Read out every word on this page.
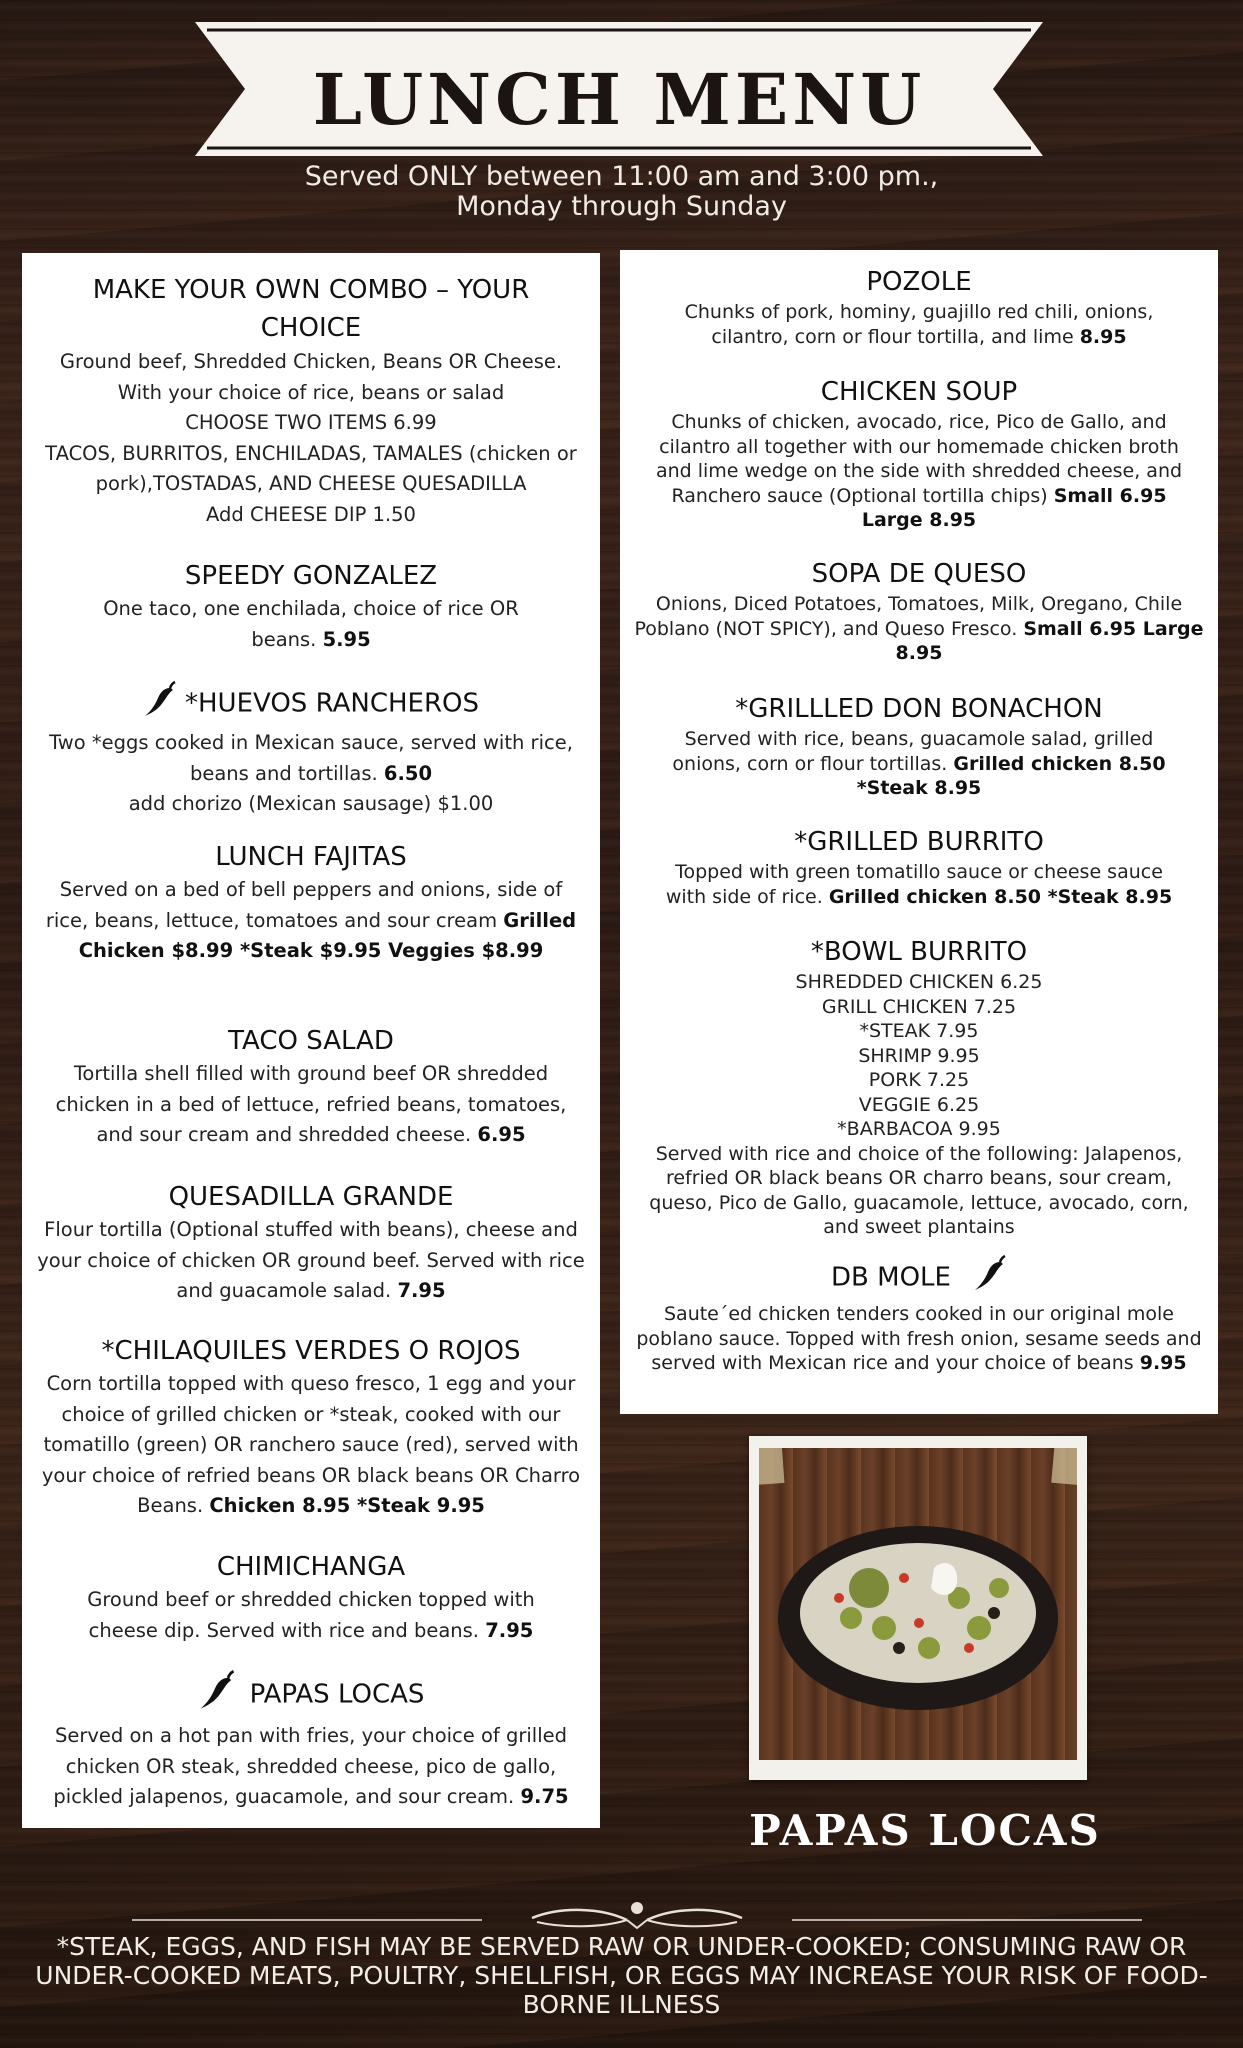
LUNCH MENU
Served ONLY between 11:00 am and 3:00 pm.,
Monday through Sunday
MAKE YOUR OWN COMBO – YOUR CHOICE

Ground beef, Shredded Chicken, Beans OR Cheese.

With your choice of rice, beans or salad

CHOOSE TWO ITEMS 6.99

TACOS, BURRITOS, ENCHILADAS, TAMALES (chicken or pork),TOSTADAS, AND CHEESE QUESADILLA

Add CHEESE DIP 1.50

SPEEDY GONZALEZ

One taco, one enchilada, choice of rice OR beans. 5.95

*HUEVOS RANCHEROS

Two *eggs cooked in Mexican sauce, served with rice, beans and tortillas. 6.50

add chorizo (Mexican sausage) $1.00

LUNCH FAJITAS

Served on a bed of bell peppers and onions, side of rice, beans, lettuce, tomatoes and sour cream Grilled Chicken $8.99 *Steak $9.95 Veggies $8.99

TACO SALAD

Tortilla shell filled with ground beef OR shredded chicken in a bed of lettuce, refried beans, tomatoes, and sour cream and shredded cheese. 6.95

QUESADILLA GRANDE

Flour tortilla (Optional stuffed with beans), cheese and your choice of chicken OR ground beef. Served with rice and guacamole salad. 7.95

*CHILAQUILES VERDES O ROJOS

Corn tortilla topped with queso fresco, 1 egg and your choice of grilled chicken or *steak, cooked with our tomatillo (green) OR ranchero sauce (red), served with your choice of refried beans OR black beans OR Charro Beans. Chicken 8.95 *Steak 9.95

CHIMICHANGA

Ground beef or shredded chicken topped with cheese dip. Served with rice and beans. 7.95

PAPAS LOCAS

Served on a hot pan with fries, your choice of grilled chicken OR steak, shredded cheese, pico de gallo, pickled jalapenos, guacamole, and sour cream. 9.75

POZOLE

Chunks of pork, hominy, guajillo red chili, onions, cilantro, corn or flour tortilla, and lime 8.95

CHICKEN SOUP

Chunks of chicken, avocado, rice, Pico de Gallo, and cilantro all together with our homemade chicken broth and lime wedge on the side with shredded cheese, and Ranchero sauce (Optional tortilla chips) Small 6.95 Large 8.95

SOPA DE QUESO

Onions, Diced Potatoes, Tomatoes, Milk, Oregano, Chile Poblano (NOT SPICY), and Queso Fresco. Small 6.95 Large 8.95

*GRILLLED DON BONACHON

Served with rice, beans, guacamole salad, grilled onions, corn or flour tortillas. Grilled chicken 8.50 *Steak 8.95

*GRILLED BURRITO

Topped with green tomatillo sauce or cheese sauce with side of rice. Grilled chicken 8.50 *Steak 8.95

*BOWL BURRITO

SHREDDED CHICKEN 6.25

GRILL CHICKEN 7.25

*STEAK 7.95

SHRIMP 9.95

PORK 7.25

VEGGIE 6.25

*BARBACOA 9.95

Served with rice and choice of the following: Jalapenos, refried OR black beans OR charro beans, sour cream, queso, Pico de Gallo, guacamole, lettuce, avocado, corn, and sweet plantains

DB MOLE

Saute´ed chicken tenders cooked in our original mole poblano sauce. Topped with fresh onion, sesame seeds and served with Mexican rice and your choice of beans 9.95

PAPAS LOCAS
*STEAK, EGGS, AND FISH MAY BE SERVED RAW OR UNDER-COOKED; CONSUMING RAW OR
UNDER-COOKED MEATS, POULTRY, SHELLFISH, OR EGGS MAY INCREASE YOUR RISK OF FOOD-
BORNE ILLNESS
